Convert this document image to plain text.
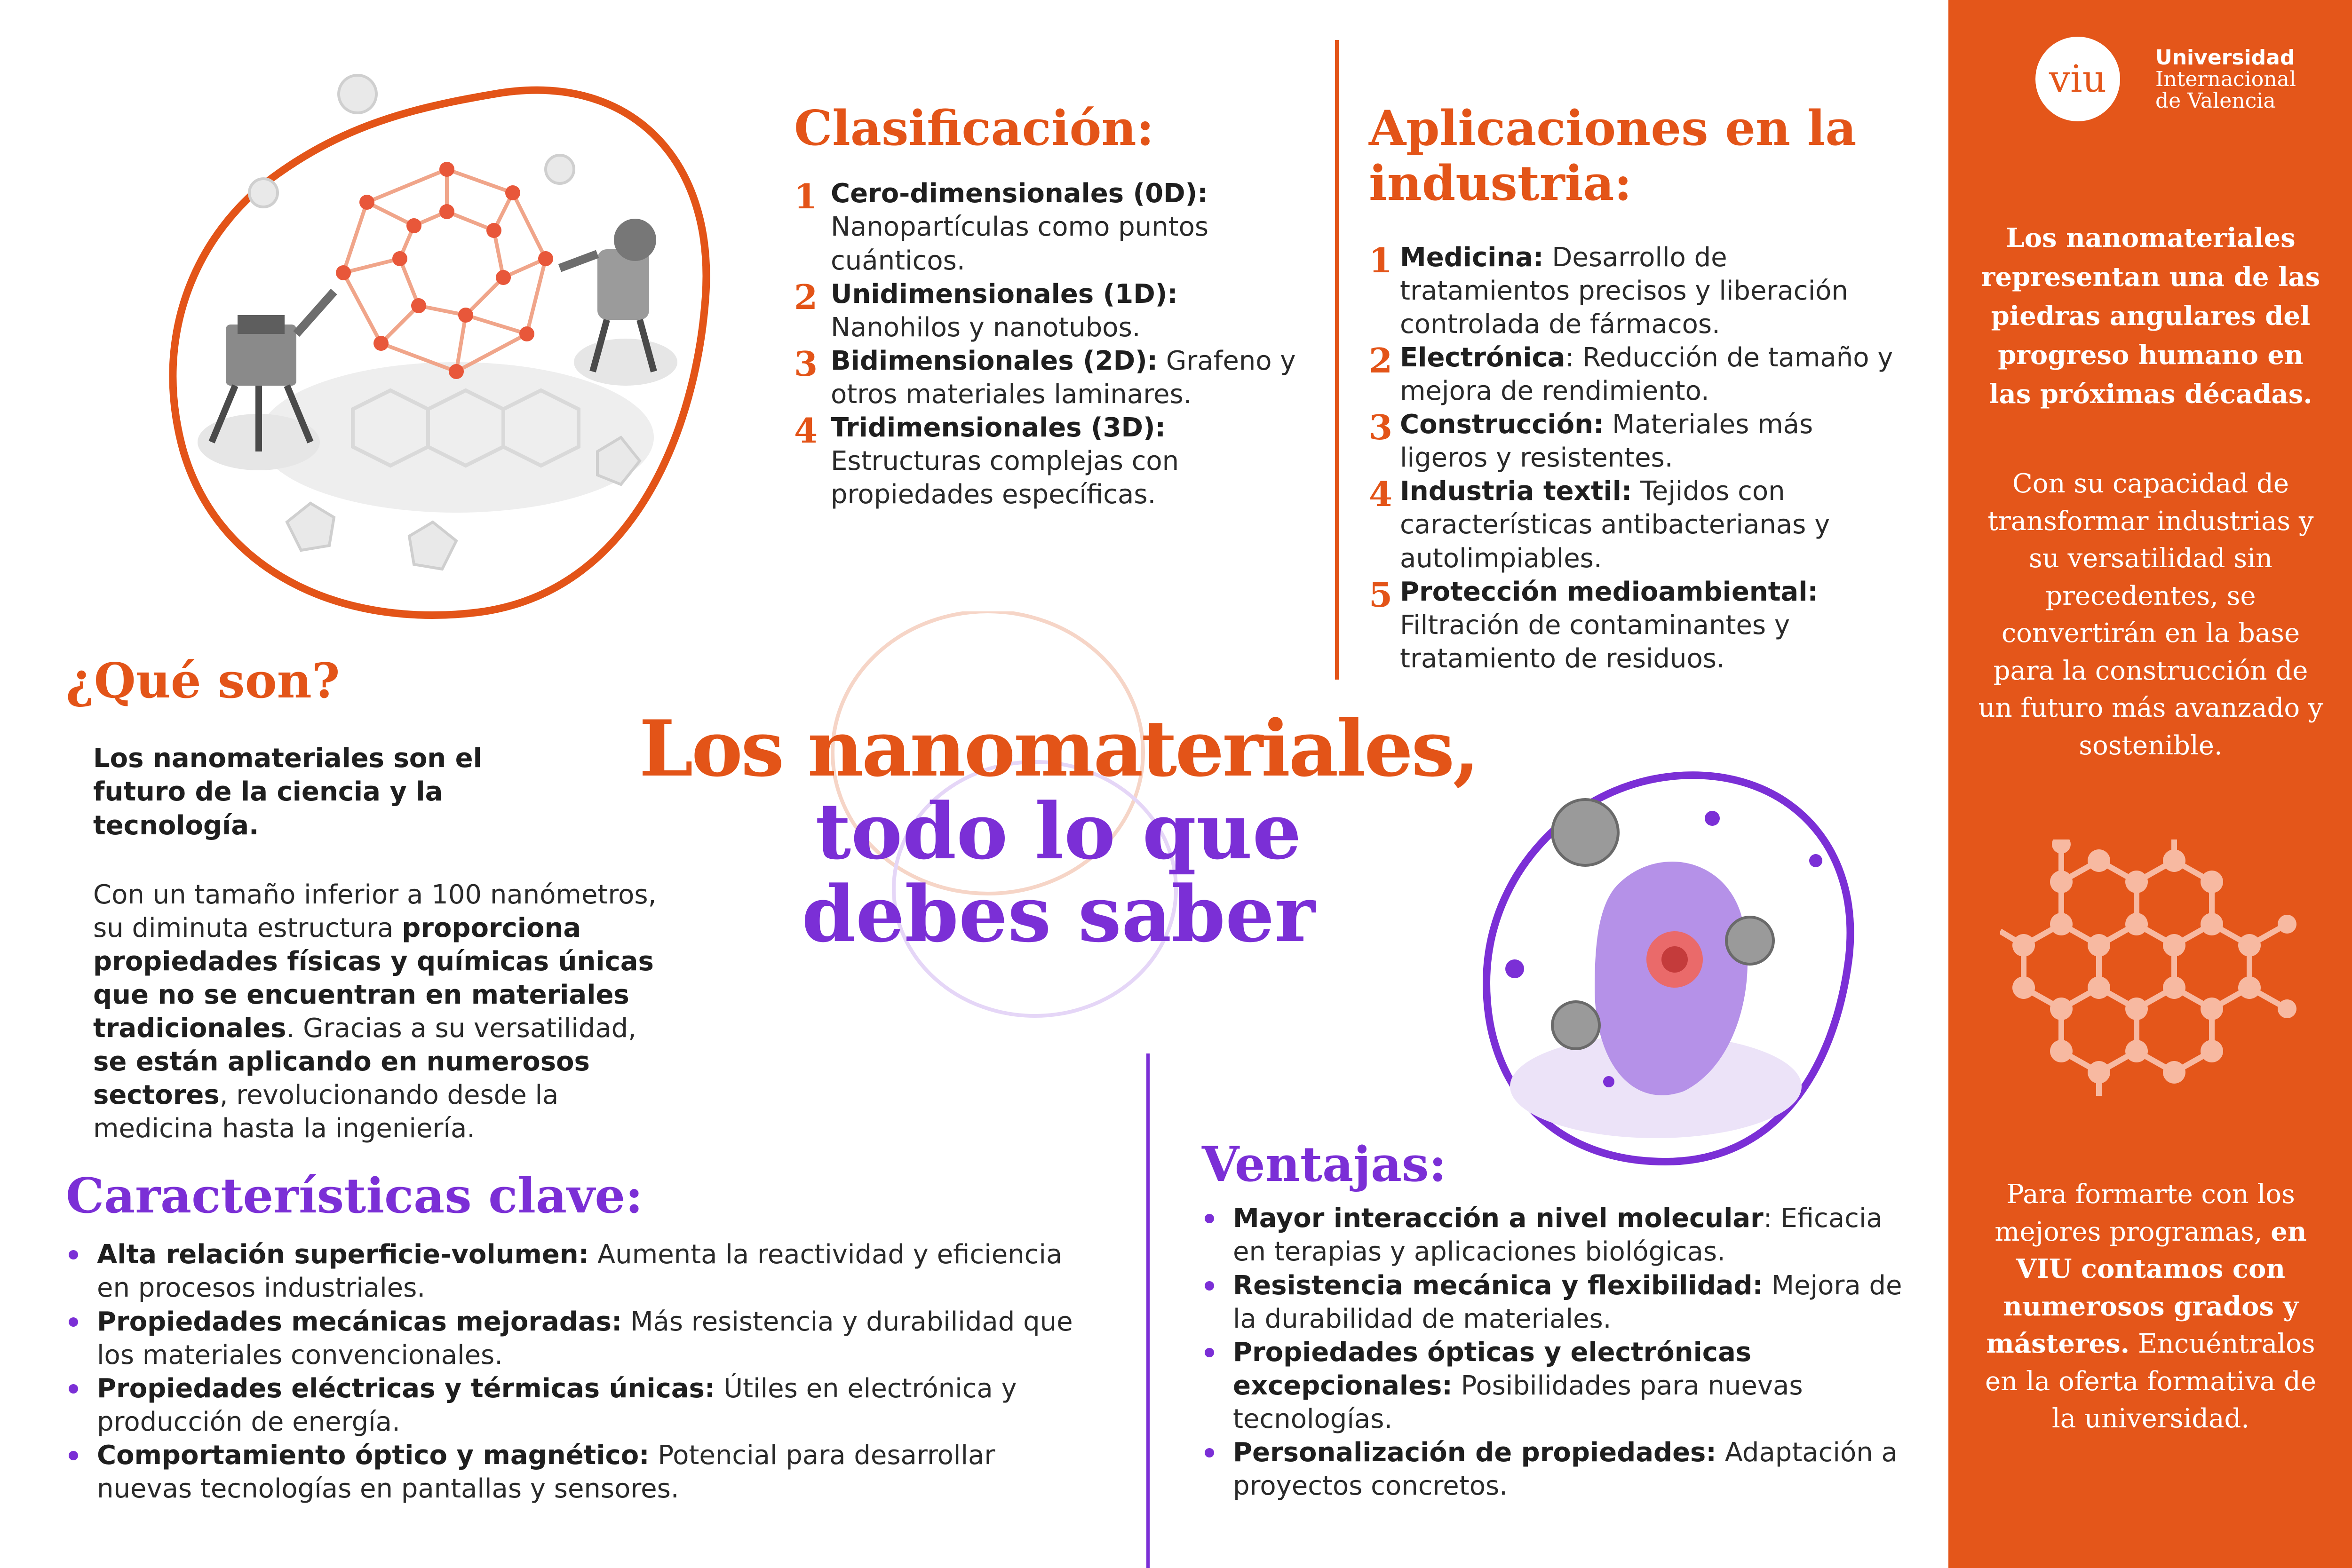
Clasificación:
1 Cero-dimensionales (0D): Nanopartículas como puntos cuánticos.
2 Unidimensionales (1D): Nanohilos y nanotubos.
3 Bidimensionales (2D): Grafeno y otros materiales laminares.
4 Tridimensionales (3D): Estructuras complejas con propiedades específicas.
Aplicaciones en la
industria:
1 Medicina: Desarrollo de tratamientos precisos y liberación controlada de fármacos.
2 Electrónica: Reducción de tamaño y mejora de rendimiento.
3 Construcción: Materiales más ligeros y resistentes.
4 Industria textil: Tejidos con características antibacterianas y autolimpiables.
5 Protección medioambiental: Filtración de contaminantes y tratamiento de residuos.
¿Qué son?

Los nanomateriales son el futuro de la ciencia y la tecnología.

Con un tamaño inferior a 100 nanómetros, su diminuta estructura proporciona propiedades físicas y químicas únicas que no se encuentran en materiales tradicionales. Gracias a su versatilidad, se están aplicando en numerosos sectores, revolucionando desde la medicina hasta la ingeniería.

Los nanomateriales,
todo lo que
debes saber
Características clave:
Alta relación superficie-volumen: Aumenta la reactividad y eficiencia en procesos industriales.
Propiedades mecánicas mejoradas: Más resistencia y durabilidad que los materiales convencionales.
Propiedades eléctricas y térmicas únicas: Útiles en electrónica y producción de energía.
Comportamiento óptico y magnético: Potencial para desarrollar nuevas tecnologías en pantallas y sensores.
Ventajas:
Mayor interacción a nivel molecular: Eficacia en terapias y aplicaciones biológicas.
Resistencia mecánica y flexibilidad: Mejora de la durabilidad de materiales.
Propiedades ópticas y electrónicas excepcionales: Posibilidades para nuevas tecnologías.
Personalización de propiedades: Adaptación a proyectos concretos.
viu	Universidad
Internacional
de Valencia

Los nanomateriales representan una de las piedras angulares del progreso humano en las próximas décadas.

Con su capacidad de transformar industrias y su versatilidad sin precedentes, se convertirán en la base para la construcción de un futuro más avanzado y sostenible.

Para formarte con los mejores programas, en VIU contamos con numerosos grados y másteres. Encuéntralos en la oferta formativa de la universidad.
